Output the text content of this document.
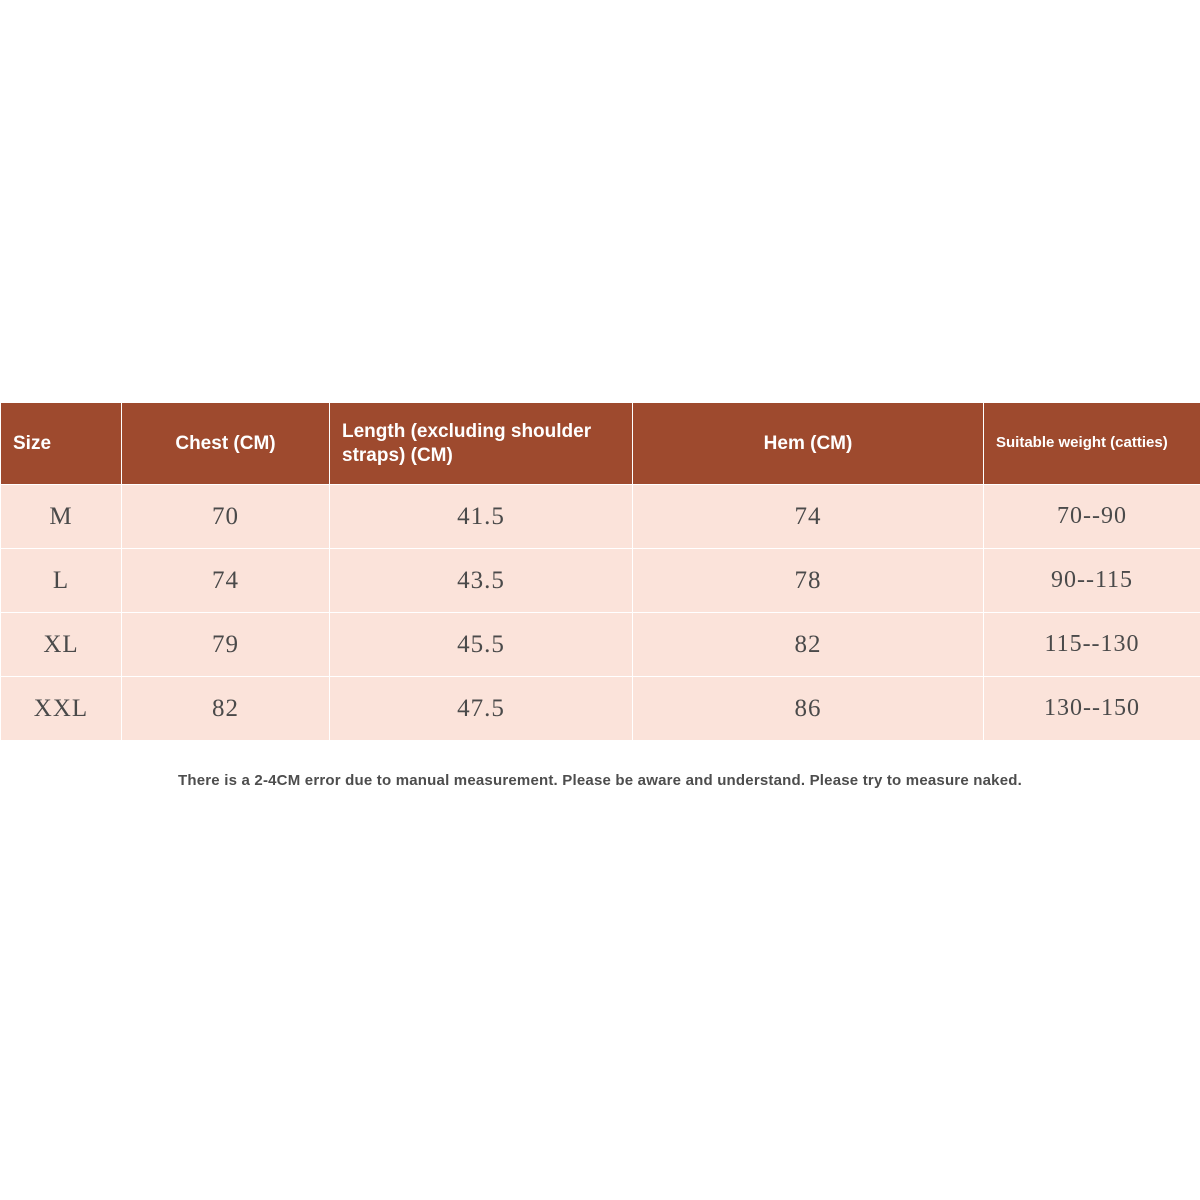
Size	Chest (CM)	Length (excluding shoulder straps) (CM)	Hem (CM)	Suitable weight (catties)
M	70	41.5	74	70--90
L	74	43.5	78	90--115
XL	79	45.5	82	115--130
XXL	82	47.5	86	130--150
There is a 2-4CM error due to manual measurement. Please be aware and understand. Please try to measure naked.
